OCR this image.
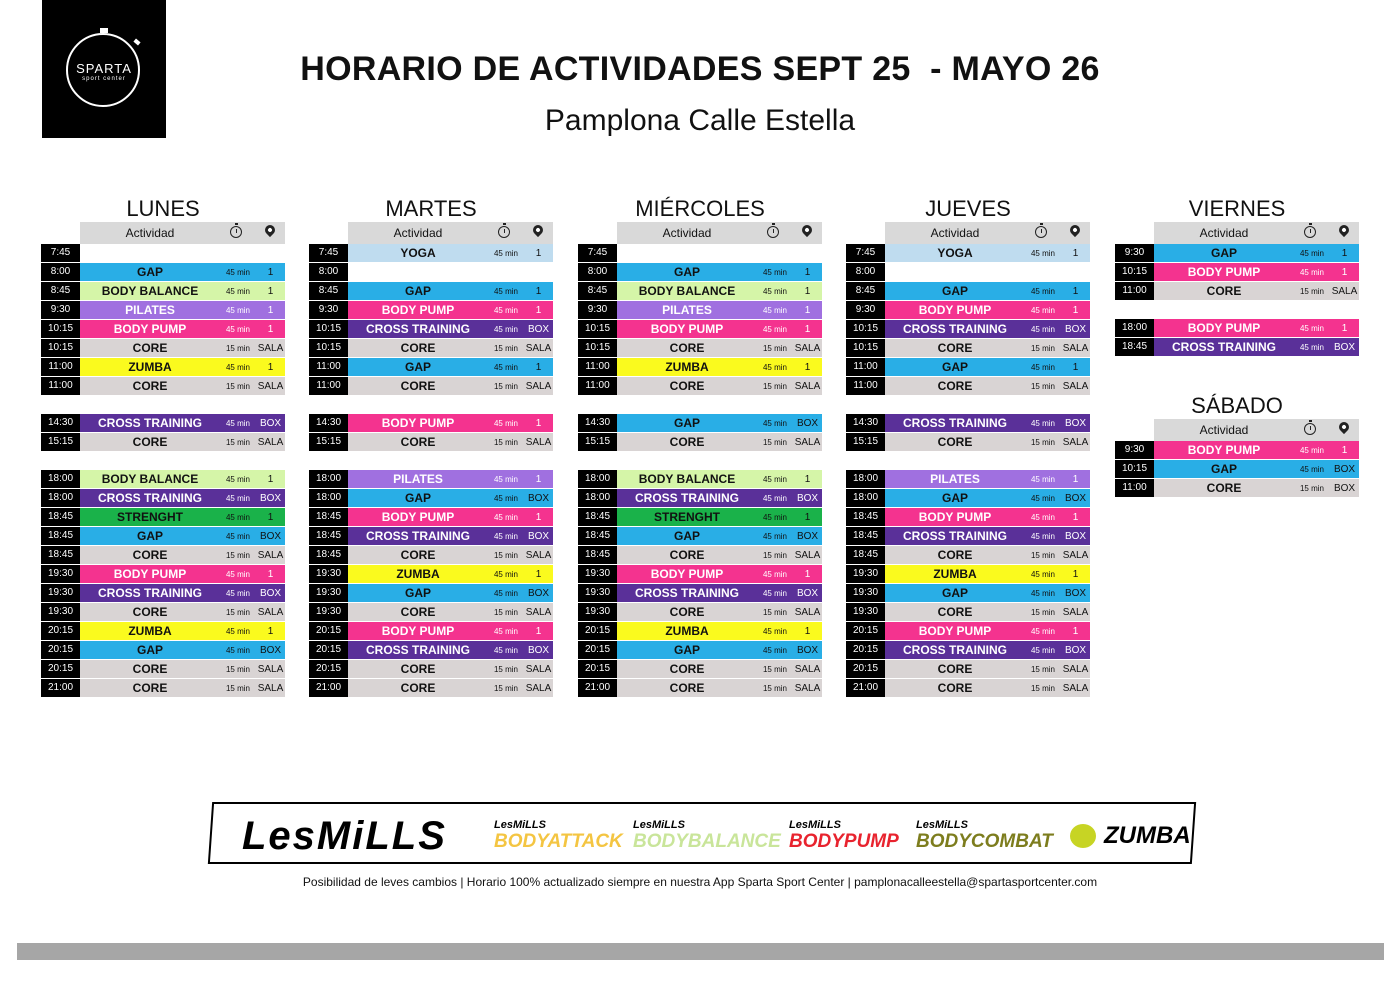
SPARTA
sport center	HORARIO DE ACTIVIDADES SEPT 25  - MAYO 26
Pamplona Calle Estella
LUNES
Actividad
7:45
8:00	GAP	45 min	1
8:45	BODY BALANCE	45 min	1
9:30	PILATES	45 min	1
10:15	BODY PUMP	45 min	1
10:15	CORE	15 min SALA
11:00	ZUMBA	45 min	1
11:00	CORE	15 min SALA
14:30	CROSS TRAINING	45 min BOX
15:15	CORE	15 min SALA
18:00	BODY BALANCE	45 min	1
18:00	CROSS TRAINING	45 min BOX
18:45	STRENGHT	45 min	1
18:45	GAP	45 min BOX
18:45	CORE	15 min SALA
19:30	BODY PUMP	45 min	1
19:30	CROSS TRAINING	45 min BOX
19:30	CORE	15 min SALA
20:15	ZUMBA	45 min	1
20:15	GAP	45 min BOX
20:15	CORE	15 min SALA
21:00	CORE	15 min SALA
MARTES
Actividad
7:45	YOGA	45 min	1
8:00
8:45	GAP	45 min	1
9:30	BODY PUMP	45 min	1
10:15	CROSS TRAINING	45 min BOX
10:15	CORE	15 min SALA
11:00	GAP	45 min	1
11:00	CORE	15 min SALA
14:30	BODY PUMP	45 min	1
15:15	CORE	15 min SALA
18:00	PILATES	45 min	1
18:00	GAP	45 min BOX
18:45	BODY PUMP	45 min	1
18:45	CROSS TRAINING	45 min BOX
18:45	CORE	15 min SALA
19:30	ZUMBA	45 min	1
19:30	GAP	45 min BOX
19:30	CORE	15 min SALA
20:15	BODY PUMP	45 min	1
20:15	CROSS TRAINING	45 min BOX
20:15	CORE	15 min SALA
21:00	CORE	15 min SALA
MIÉRCOLES
Actividad
7:45
8:00	GAP	45 min	1
8:45	BODY BALANCE	45 min	1
9:30	PILATES	45 min	1
10:15	BODY PUMP	45 min	1
10:15	CORE	15 min SALA
11:00	ZUMBA	45 min	1
11:00	CORE	15 min SALA
14:30	GAP	45 min BOX
15:15	CORE	15 min SALA
18:00	BODY BALANCE	45 min	1
18:00	CROSS TRAINING	45 min BOX
18:45	STRENGHT	45 min	1
18:45	GAP	45 min BOX
18:45	CORE	15 min SALA
19:30	BODY PUMP	45 min	1
19:30	CROSS TRAINING	45 min BOX
19:30	CORE	15 min SALA
20:15	ZUMBA	45 min	1
20:15	GAP	45 min BOX
20:15	CORE	15 min SALA
21:00	CORE	15 min SALA
JUEVES
Actividad
7:45	YOGA	45 min	1
8:00
8:45	GAP	45 min	1
9:30	BODY PUMP	45 min	1
10:15	CROSS TRAINING	45 min BOX
10:15	CORE	15 min SALA
11:00	GAP	45 min	1
11:00	CORE	15 min SALA
14:30	CROSS TRAINING	45 min BOX
15:15	CORE	15 min SALA
18:00	PILATES	45 min	1
18:00	GAP	45 min BOX
18:45	BODY PUMP	45 min	1
18:45	CROSS TRAINING	45 min BOX
18:45	CORE	15 min SALA
19:30	ZUMBA	45 min	1
19:30	GAP	45 min BOX
19:30	CORE	15 min SALA
20:15	BODY PUMP	45 min	1
20:15	CROSS TRAINING	45 min BOX
20:15	CORE	15 min SALA
21:00	CORE	15 min SALA
VIERNES
Actividad
9:30	GAP	45 min	1
10:15	BODY PUMP	45 min	1
11:00	CORE	15 min SALA
18:00	BODY PUMP	45 min	1
18:45	CROSS TRAINING	45 min BOX
SÁBADO
Actividad
9:30	BODY PUMP	45 min	1
10:15	GAP	45 min BOX
11:00	CORE	15 min BOX
LesMiLLS	LesMiLLS
BODYATTACK
LesMiLLS
BODYBALANCE
LesMiLLS
BODYPUMP
LesMiLLS
BODYCOMBAT ZUMBA
Posibilidad de leves cambios | Horario 100% actualizado siempre en nuestra App Sparta Sport Center | pamplonacalleestella@spartasportcenter.com
